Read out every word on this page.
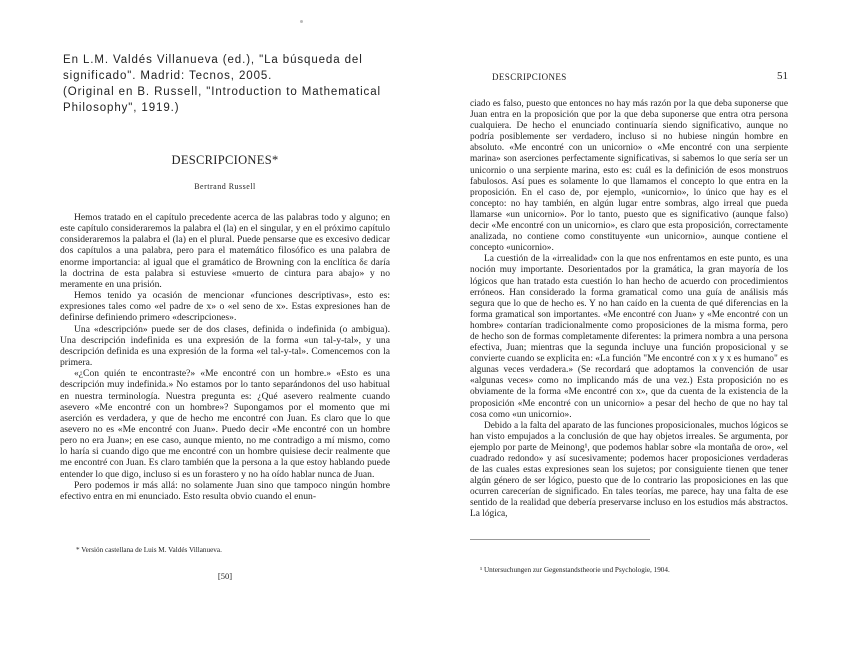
En L.M. Valdés Villanueva (ed.), "La búsqueda del
significado". Madrid: Tecnos, 2005.
(Original en B. Russell, "Introduction to Mathematical
Philosophy", 1919.)
DESCRIPCIONES*
Bertrand Russell

Hemos tratado en el capítulo precedente acerca de las palabras todo y alguno; en este capítulo consideraremos la palabra el (la) en el singular, y en el próximo capítulo consideraremos la palabra el (la) en el plural. Puede pensarse que es excesivo dedicar dos capítulos a una palabra, pero para el matemático filosófico es una palabra de enorme importancia: al igual que el gramático de Browning con la enclítica δε daría la doctrina de esta palabra si estuviese «muerto de cintura para abajo» y no meramente en una prisión.

Hemos tenido ya ocasión de mencionar «funciones descriptivas», esto es: expresiones tales como «el padre de x» o «el seno de x». Estas expresiones han de definirse definiendo primero «descripciones».

Una «descripción» puede ser de dos clases, definida o indefinida (o ambigua). Una descripción indefinida es una expresión de la forma «un tal-y-tal», y una descripción definida es una expresión de la forma «el tal-y-tal». Comencemos con la primera.

«¿Con quién te encontraste?» «Me encontré con un hombre.» «Esto es una descripción muy indefinida.» No estamos por lo tanto separándonos del uso habitual en nuestra terminología. Nuestra pregunta es: ¿Qué asevero realmente cuando asevero «Me encontré con un hombre»? Supongamos por el momento que mi aserción es verdadera, y que de hecho me encontré con Juan. Es claro que lo que asevero no es «Me encontré con Juan». Puedo decir «Me encontré con un hombre pero no era Juan»; en ese caso, aunque miento, no me contradigo a mí mismo, como lo haría si cuando digo que me encontré con un hombre quisiese decir realmente que me encontré con Juan. Es claro también que la persona a la que estoy hablando puede entender lo que digo, incluso si es un forastero y no ha oído hablar nunca de Juan.

Pero podemos ir más allá: no solamente Juan sino que tampoco ningún hombre efectivo entra en mi enunciado. Esto resulta obvio cuando el enun-

* Versión castellana de Luis M. Valdés Villanueva.
[50]
DESCRIPCIONES	51

ciado es falso, puesto que entonces no hay más razón por la que deba suponerse que Juan entra en la proposición que por la que deba suponerse que entra otra persona cualquiera. De hecho el enunciado continuaría siendo significativo, aunque no podría posiblemente ser verdadero, incluso si no hubiese ningún hombre en absoluto. «Me encontré con un unicornio» o «Me encontré con una serpiente marina» son aserciones perfectamente significativas, si sabemos lo que sería ser un unicornio o una serpiente marina, esto es: cuál es la definición de esos monstruos fabulosos. Así pues es solamente lo que llamamos el concepto lo que entra en la proposición. En el caso de, por ejemplo, «unicornio», lo único que hay es el concepto: no hay también, en algún lugar entre sombras, algo irreal que pueda llamarse «un unicornio». Por lo tanto, puesto que es significativo (aunque falso) decir «Me encontré con un unicornio», es claro que esta proposición, correctamente analizada, no contiene como constituyente «un unicornio», aunque contiene el concepto «unicornio».

La cuestión de la «irrealidad» con la que nos enfrentamos en este punto, es una noción muy importante. Desorientados por la gramática, la gran mayoría de los lógicos que han tratado esta cuestión lo han hecho de acuerdo con procedimientos erróneos. Han considerado la forma gramatical como una guía de análisis más segura que lo que de hecho es. Y no han caído en la cuenta de qué diferencias en la forma gramatical son importantes. «Me encontré con Juan» y «Me encontré con un hombre» contarían tradicionalmente como proposiciones de la misma forma, pero de hecho son de formas completamente diferentes: la primera nombra a una persona efectiva, Juan; mientras que la segunda incluye una función proposicional y se convierte cuando se explicita en: «La función "Me encontré con x y x es humano" es algunas veces verdadera.» (Se recordará que adoptamos la convención de usar «algunas veces» como no implicando más de una vez.) Esta proposición no es obviamente de la forma «Me encontré con x», que da cuenta de la existencia de la proposición «Me encontré con un unicornio» a pesar del hecho de que no hay tal cosa como «un unicornio».

Debido a la falta del aparato de las funciones proposicionales, muchos lógicos se han visto empujados a la conclusión de que hay objetos irreales. Se argumenta, por ejemplo por parte de Meinong¹, que podemos hablar sobre «la montaña de oro», «el cuadrado redondo» y así sucesivamente; podemos hacer proposiciones verdaderas de las cuales estas expresiones sean los sujetos; por consiguiente tienen que tener algún género de ser lógico, puesto que de lo contrario las proposiciones en las que ocurren carecerían de significado. En tales teorías, me parece, hay una falta de ese sentido de la realidad que debería preservarse incluso en los estudios más abstractos. La lógica,

¹ Untersuchungen zur Gegenstandstheorie und Psychologie, 1904.
